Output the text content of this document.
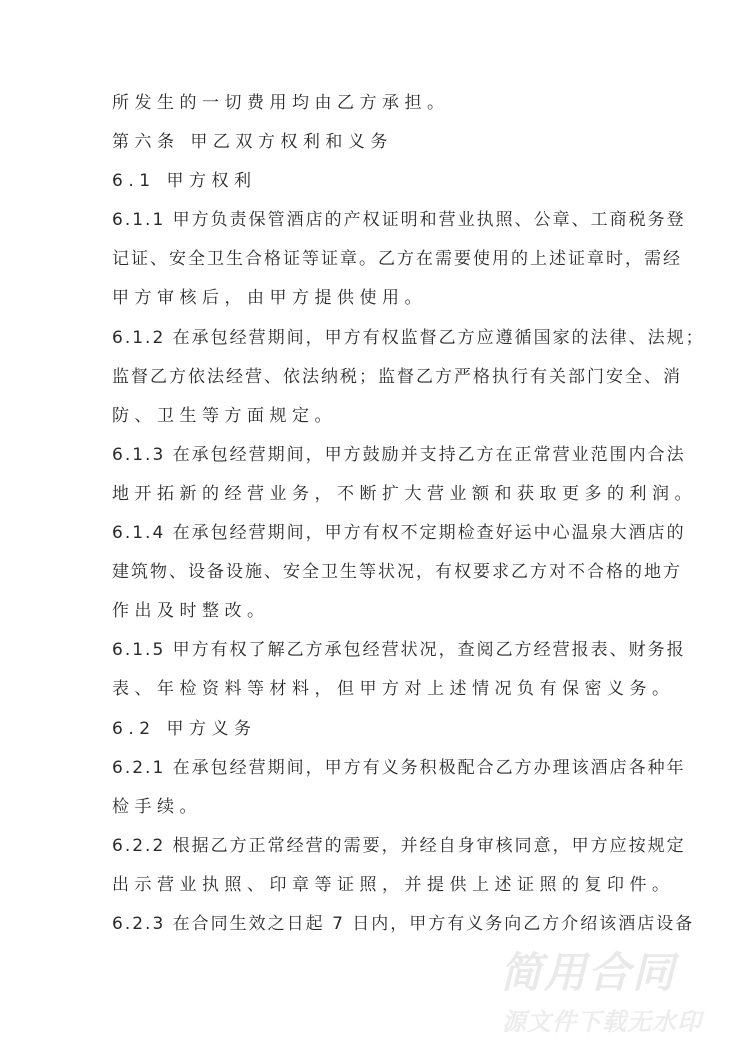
所发生的一切费用均由乙方承担。
第六条 甲乙双方权利和义务
6.1 甲方权利
6.1.1 甲方负责保管酒店的产权证明和营业执照、公章、工商税务登
记证、安全卫生合格证等证章。乙方在需要使用的上述证章时，需经
甲方审核后，由甲方提供使用。
6.1.2 在承包经营期间，甲方有权监督乙方应遵循国家的法律、法规；
监督乙方依法经营、依法纳税；监督乙方严格执行有关部门安全、消
防、卫生等方面规定。
6.1.3 在承包经营期间，甲方鼓励并支持乙方在正常营业范围内合法
地开拓新的经营业务，不断扩大营业额和获取更多的利润。
6.1.4 在承包经营期间，甲方有权不定期检查好运中心温泉大酒店的
建筑物、设备设施、安全卫生等状况，有权要求乙方对不合格的地方
作出及时整改。
6.1.5 甲方有权了解乙方承包经营状况，查阅乙方经营报表、财务报
表、年检资料等材料，但甲方对上述情况负有保密义务。
6.2 甲方义务
6.2.1 在承包经营期间，甲方有义务积极配合乙方办理该酒店各种年
检手续。
6.2.2 根据乙方正常经营的需要，并经自身审核同意，甲方应按规定
出示营业执照、印章等证照，并提供上述证照的复印件。
6.2.3 在合同生效之日起 7 日内，甲方有义务向乙方介绍该酒店设备
简用合同
源文件下载无水印
